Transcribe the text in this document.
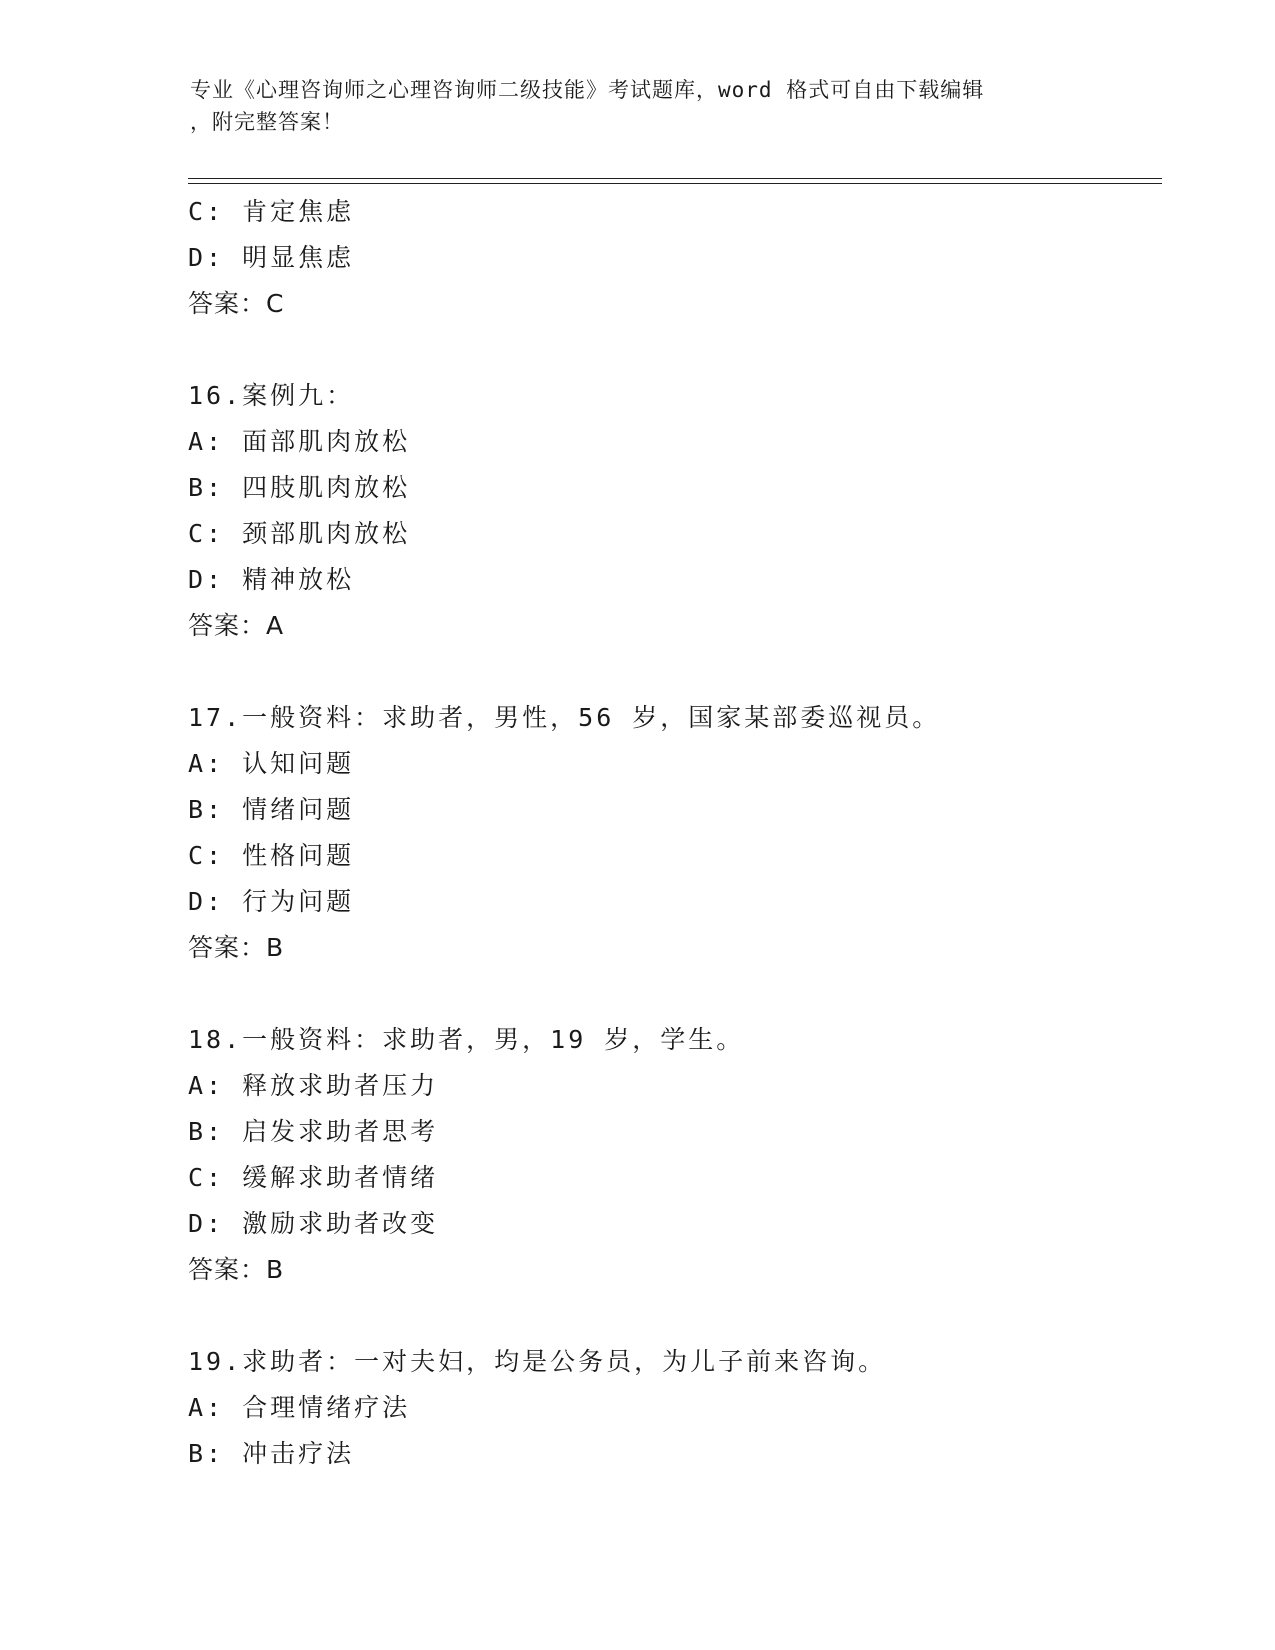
专业《心理咨询师之心理咨询师二级技能》考试题库，word 格式可自由下载编辑
，附完整答案！
C: 肯定焦虑
D: 明显焦虑
答案：C
16.案例九：
A: 面部肌肉放松
B: 四肢肌肉放松
C: 颈部肌肉放松
D: 精神放松
答案：A
17.一般资料：求助者，男性，56 岁，国家某部委巡视员。
A: 认知问题
B: 情绪问题
C: 性格问题
D: 行为问题
答案：B
18.一般资料：求助者，男，19 岁，学生。
A: 释放求助者压力
B: 启发求助者思考
C: 缓解求助者情绪
D: 激励求助者改变
答案：B
19.求助者：一对夫妇，均是公务员，为儿子前来咨询。
A: 合理情绪疗法
B: 冲击疗法
